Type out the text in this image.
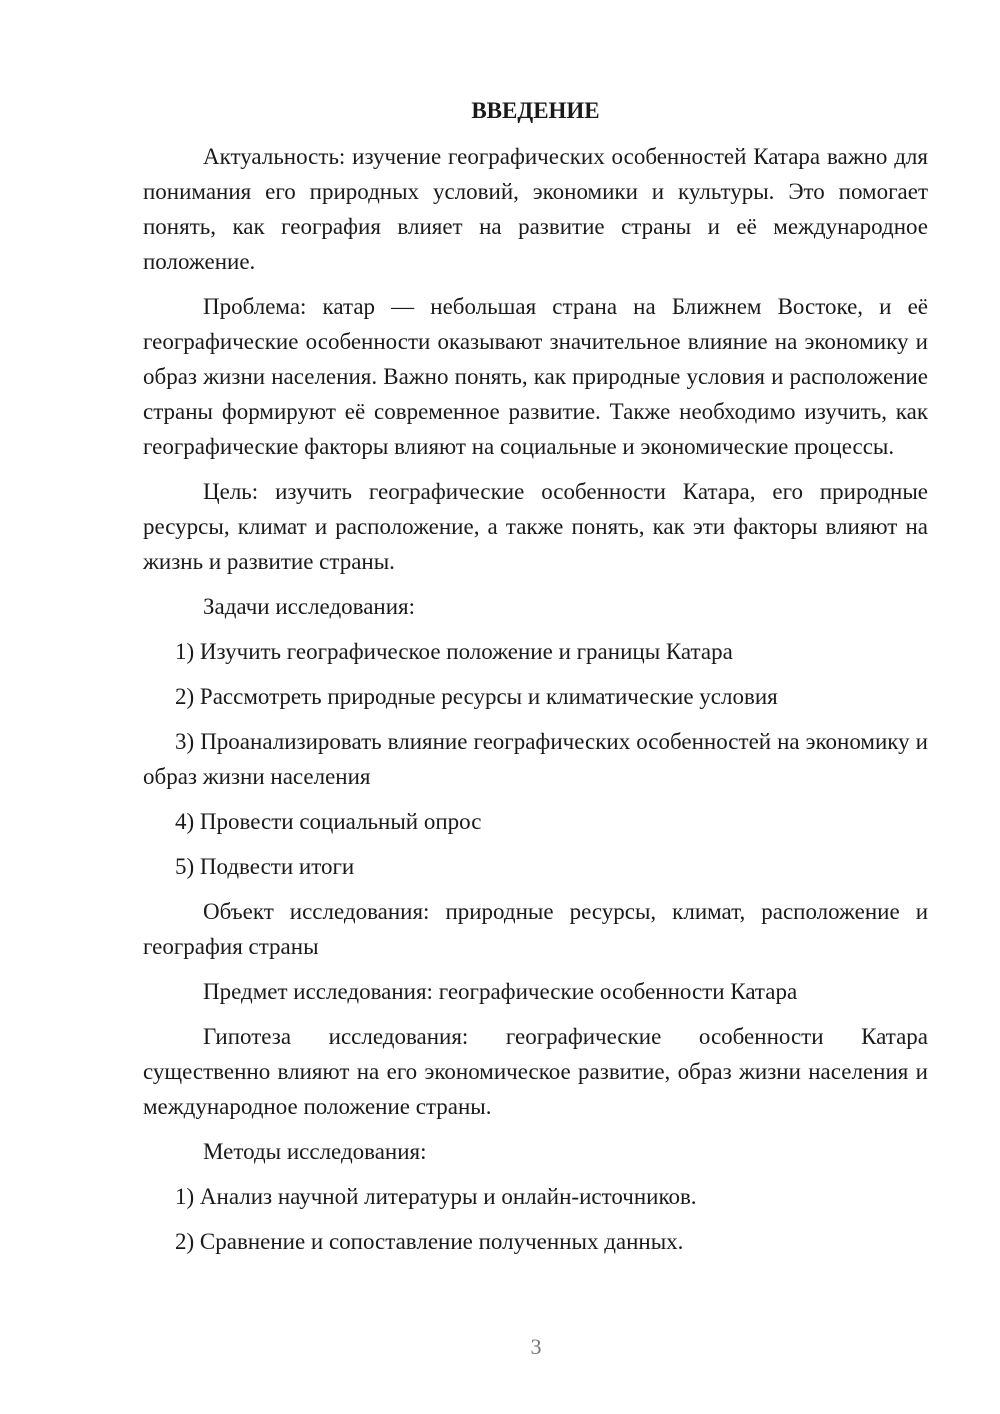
ВВЕДЕНИЕ

Актуальность: изучение географических особенностей Катара важно для понимания его природных условий, экономики и культуры. Это помогает понять, как география влияет на развитие страны и её международное положение.

Проблема: катар — небольшая страна на Ближнем Востоке, и её географические особенности оказывают значительное влияние на экономику и образ жизни населения. Важно понять, как природные условия и расположение страны формируют её современное развитие. Также необходимо изучить, как географические факторы влияют на социальные и экономические процессы.

Цель: изучить географические особенности Катара, его природные ресурсы, климат и расположение, а также понять, как эти факторы влияют на жизнь и развитие страны.

Задачи исследования:

1) Изучить географическое положение и границы Катара

2) Рассмотреть природные ресурсы и климатические условия

3) Проанализировать влияние географических особенностей на экономику и образ жизни населения

4) Провести социальный опрос

5) Подвести итоги

Объект исследования: природные ресурсы, климат, расположение и география страны

Предмет исследования: географические особенности Катара

Гипотеза исследования: географические особенности Катара существенно влияют на его экономическое развитие, образ жизни населения и международное положение страны.

Методы исследования:

1) Анализ научной литературы и онлайн-источников.

2) Сравнение и сопоставление полученных данных.

3
